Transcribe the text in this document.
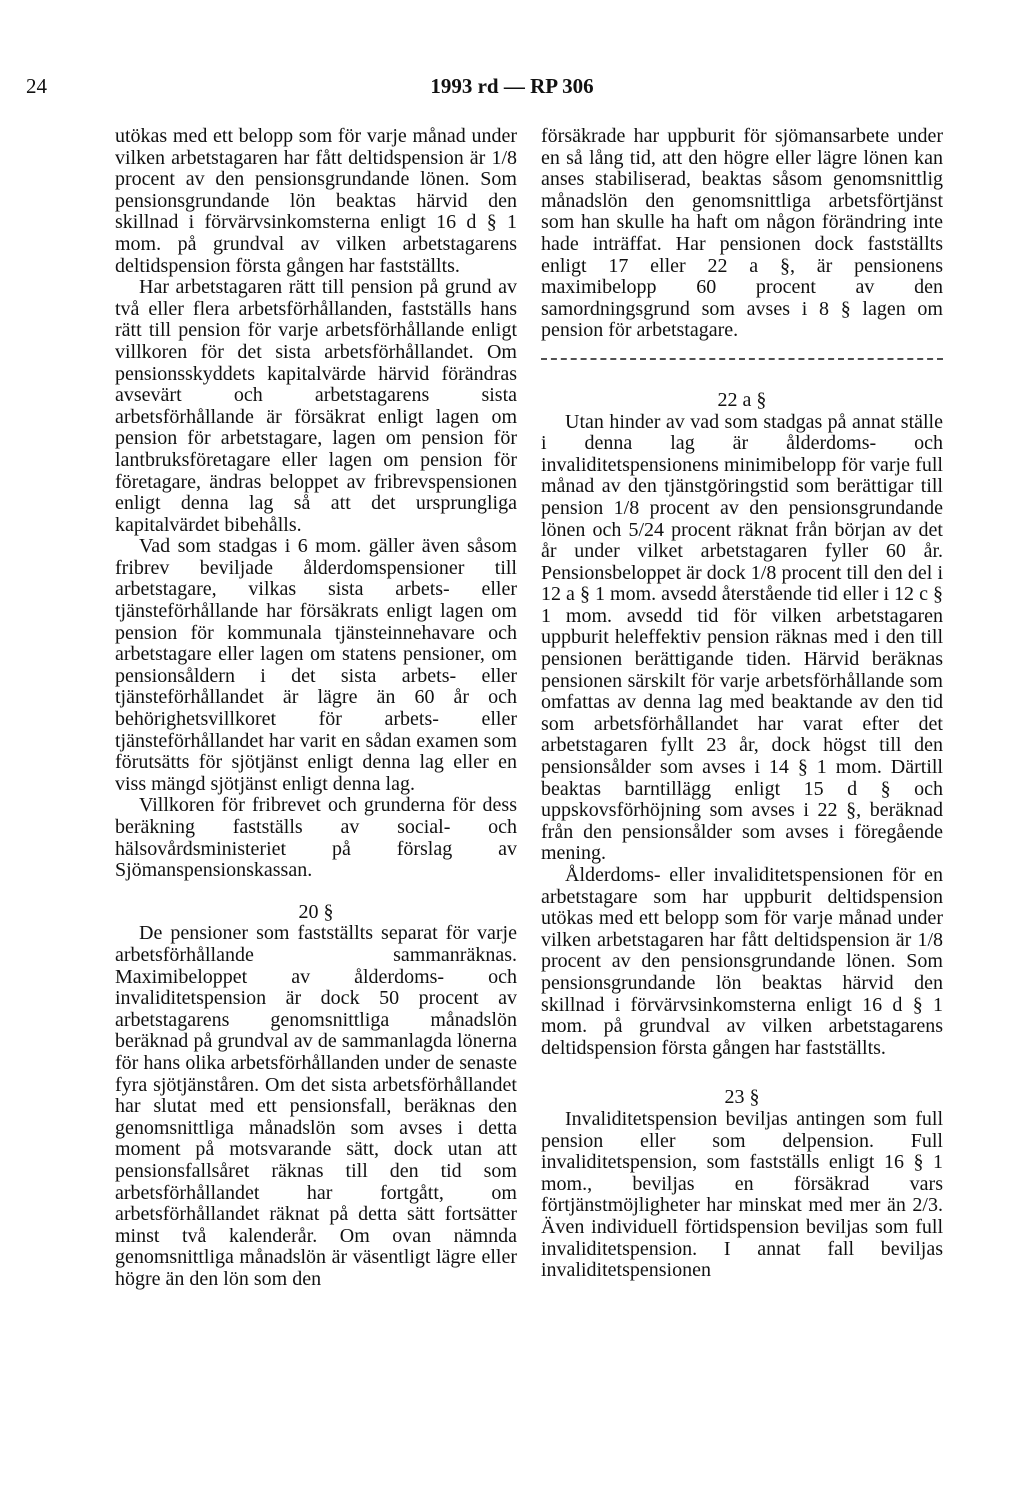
24	1993 rd — RP 306

utökas med ett belopp som för varje månad under vilken arbetstagaren har fått deltidspension är 1/8 procent av den pensionsgrundande lönen. Som pensionsgrundande lön beaktas härvid den skillnad i förvärvsinkomsterna enligt 16 d § 1 mom. på grundval av vilken arbetstagarens deltidspension första gången har fastställts.

Har arbetstagaren rätt till pension på grund av två eller flera arbetsförhållanden, fastställs hans rätt till pension för varje arbetsförhållande enligt villkoren för det sista arbetsförhållandet. Om pensionsskyddets kapitalvärde härvid förändras avsevärt och arbetstagarens sista arbetsförhållande är försäkrat enligt lagen om pension för arbetstagare, lagen om pension för lantbruksföretagare eller lagen om pension för företagare, ändras beloppet av fribrevspensionen enligt denna lag så att det ursprungliga kapitalvärdet bibehålls.

Vad som stadgas i 6 mom. gäller även såsom fribrev beviljade ålderdomspensioner till arbetstagare, vilkas sista arbets- eller tjänsteförhållande har försäkrats enligt lagen om pension för kommunala tjänsteinnehavare och arbetstagare eller lagen om statens pensioner, om pensionsåldern i det sista arbets- eller tjänsteförhållandet är lägre än 60 år och behörighetsvillkoret för arbets- eller tjänsteförhållandet har varit en sådan examen som förutsätts för sjötjänst enligt denna lag eller en viss mängd sjötjänst enligt denna lag.

Villkoren för fribrevet och grunderna för dess beräkning fastställs av social- och hälsovårdsministeriet på förslag av Sjömanspensionskassan.

20 §

De pensioner som fastställts separat för varje arbetsförhållande sammanräknas. Maximibeloppet av ålderdoms- och invaliditetspension är dock 50 procent av arbetstagarens genomsnittliga månadslön beräknad på grundval av de sammanlagda lönerna för hans olika arbetsförhållanden under de senaste fyra sjötjänståren. Om det sista arbetsförhållandet har slutat med ett pensionsfall, beräknas den genomsnittliga månadslön som avses i detta moment på motsvarande sätt, dock utan att pensionsfallsåret räknas till den tid som arbetsförhållandet har fortgått, om arbetsförhållandet räknat på detta sätt fortsätter minst två kalenderår. Om ovan nämnda genomsnittliga månadslön är väsentligt lägre eller högre än den lön som den

försäkrade har uppburit för sjömansarbete under en så lång tid, att den högre eller lägre lönen kan anses stabiliserad, beaktas såsom genomsnittlig månadslön den genomsnittliga arbetsförtjänst som han skulle ha haft om någon förändring inte hade inträffat. Har pensionen dock fastställts enligt 17 eller 22 a §, är pensionens maximibelopp 60 procent av den samordningsgrund som avses i 8 § lagen om pension för arbetstagare.

22 a §

Utan hinder av vad som stadgas på annat ställe i denna lag är ålderdoms- och invaliditetspensionens minimibelopp för varje full månad av den tjänstgöringstid som berättigar till pension 1/8 procent av den pensionsgrundande lönen och 5/24 procent räknat från början av det år under vilket arbetstagaren fyller 60 år. Pensionsbeloppet är dock 1/8 procent till den del i 12 a § 1 mom. avsedd återstående tid eller i 12 c § 1 mom. avsedd tid för vilken arbetstagaren uppburit heleffektiv pension räknas med i den till pensionen berättigande tiden. Härvid beräknas pensionen särskilt för varje arbetsförhållande som omfattas av denna lag med beaktande av den tid som arbetsförhållandet har varat efter det arbetstagaren fyllt 23 år, dock högst till den pensionsålder som avses i 14 § 1 mom. Därtill beaktas barntillägg enligt 15 d § och uppskovsförhöjning som avses i 22 §, beräknad från den pensionsålder som avses i föregående mening.

Ålderdoms- eller invaliditetspensionen för en arbetstagare som har uppburit deltidspension utökas med ett belopp som för varje månad under vilken arbetstagaren har fått deltidspension är 1/8 procent av den pensionsgrundande lönen. Som pensionsgrundande lön beaktas härvid den skillnad i förvärvsinkomsterna enligt 16 d § 1 mom. på grundval av vilken arbetstagarens deltidspension första gången har fastställts.

23 §

Invaliditetspension beviljas antingen som full pension eller som delpension. Full invaliditetspension, som fastställs enligt 16 § 1 mom., beviljas en försäkrad vars förtjänstmöjligheter har minskat med mer än 2/3. Även individuell förtidspension beviljas som full invaliditetspension. I annat fall beviljas invaliditetspensionen
